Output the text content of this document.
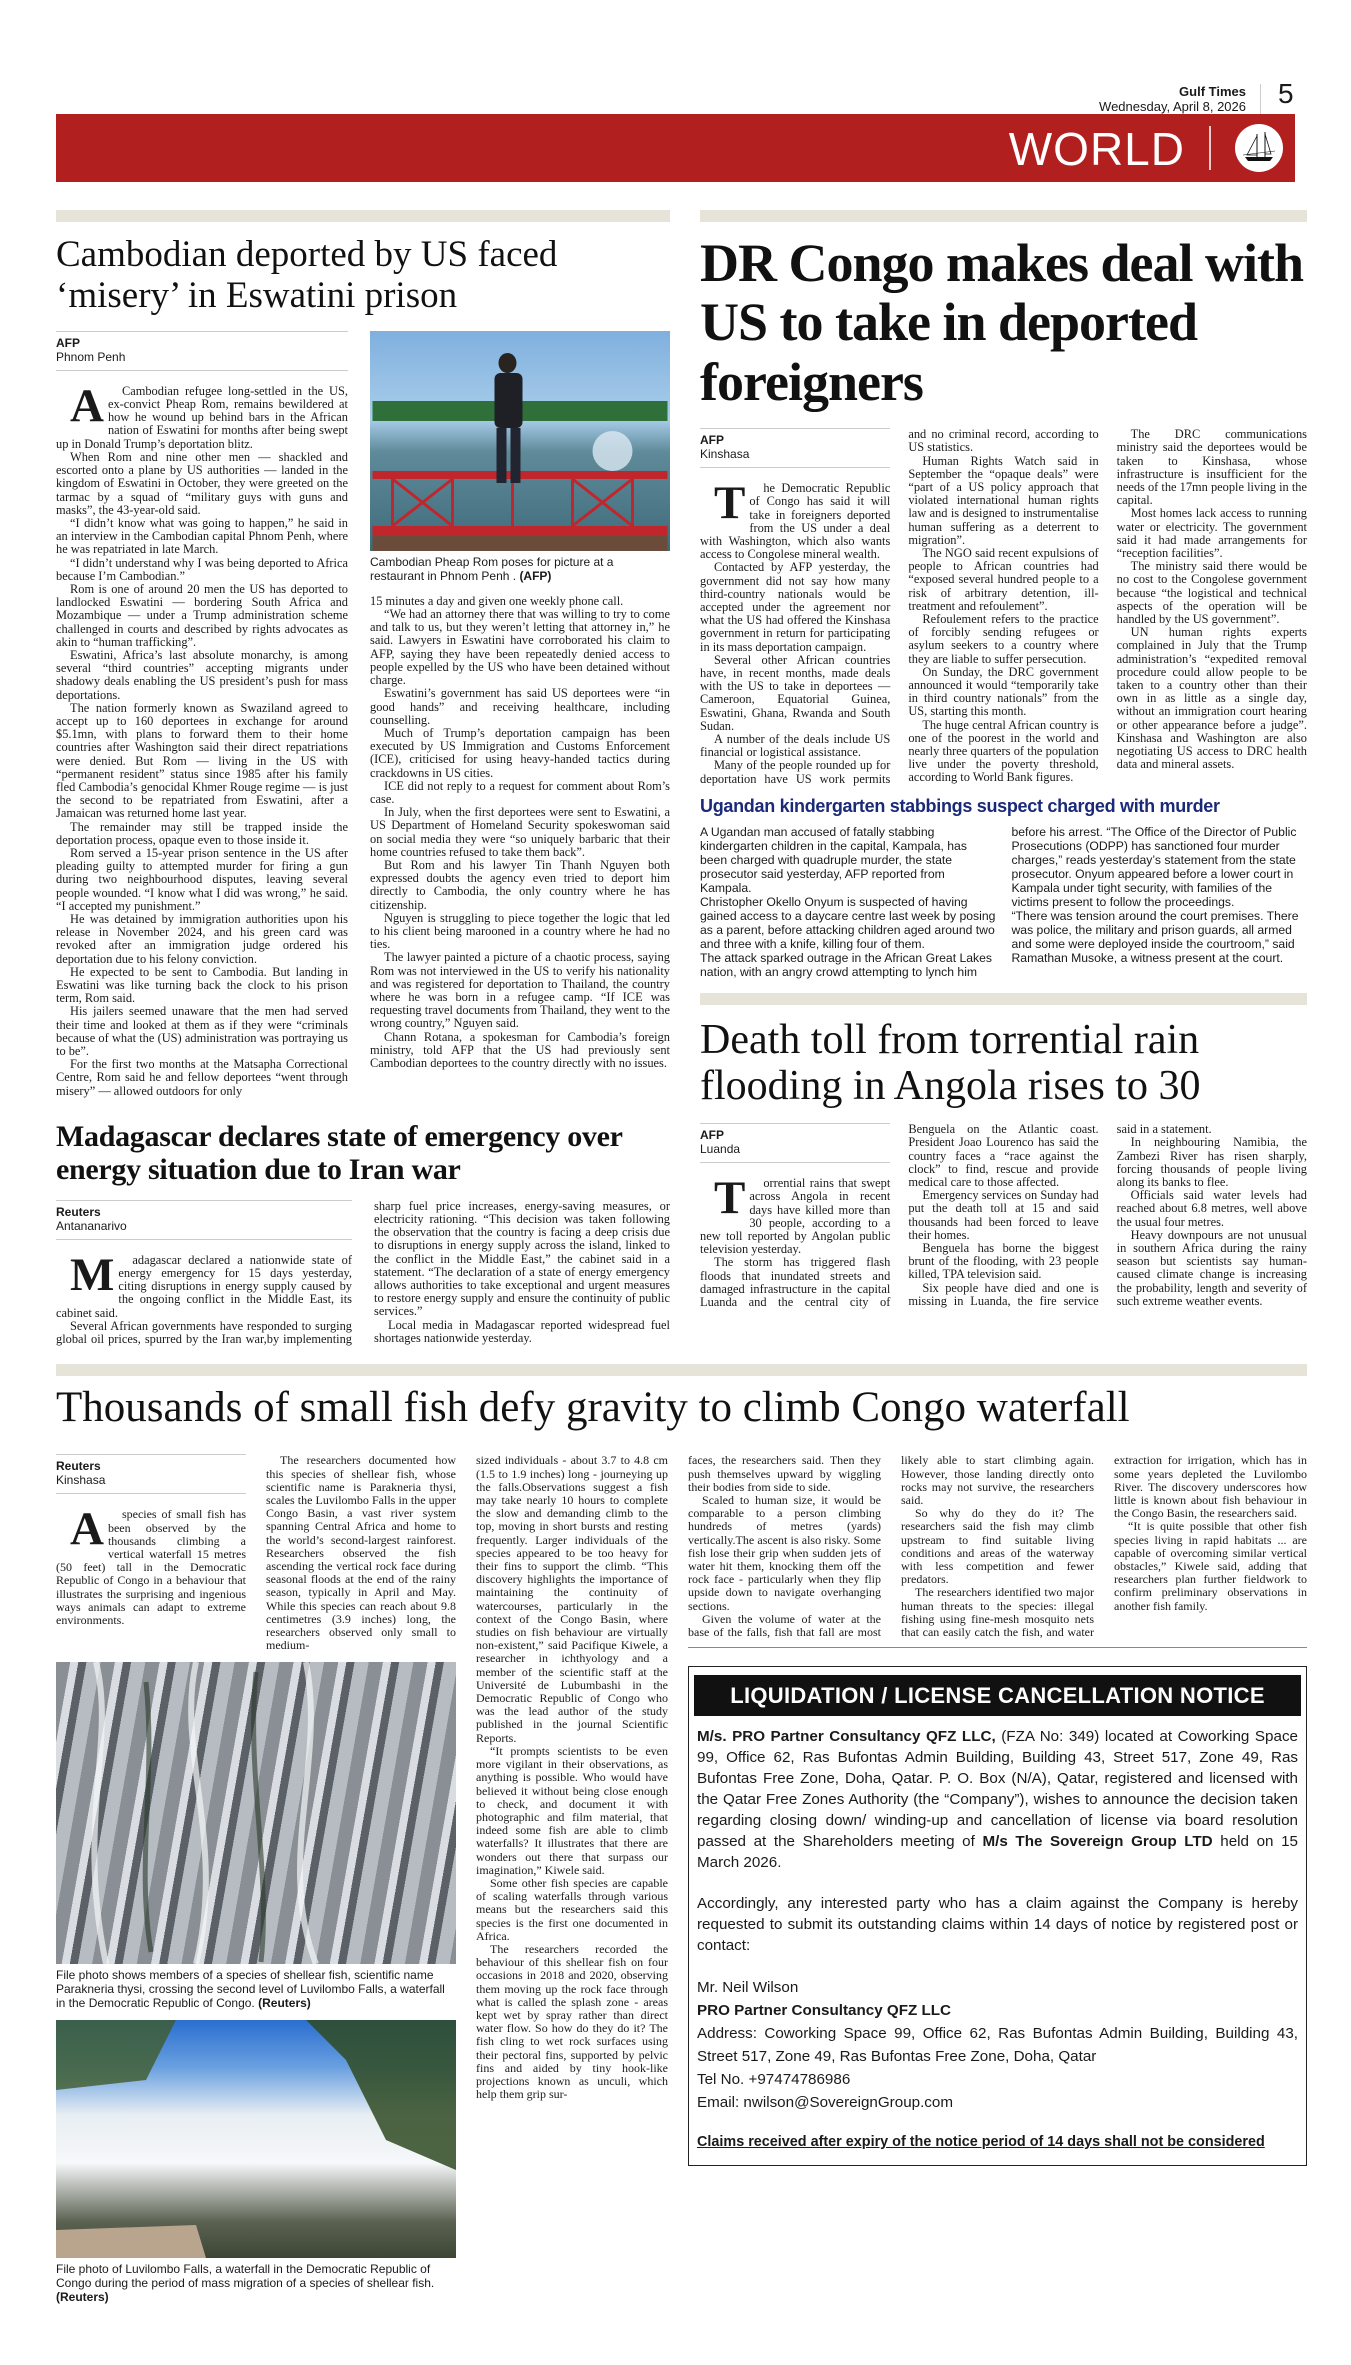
Gulf Times
Wednesday, April 8, 2026	5
WORLD
Cambodian deported by US faced ‘misery’ in Eswatini prison
AFP
Phnom Penh

ACambodian refugee long-settled in the US, ex-convict Pheap Rom, remains bewildered at how he wound up behind bars in the African nation of Eswatini for months after being swept up in Donald Trump’s deportation blitz.

When Rom and nine other men — shackled and escorted onto a plane by US authorities — landed in the kingdom of Eswatini in October, they were greeted on the tarmac by a squad of “military guys with guns and masks”, the 43-year-old said.

“I didn’t know what was going to happen,” he said in an interview in the Cambodian capital Phnom Penh, where he was repatriated in late March.

“I didn’t understand why I was being deported to Africa because I’m Cambodian.”

Rom is one of around 20 men the US has deported to landlocked Eswatini — bordering South Africa and Mozambique — under a Trump administration scheme challenged in courts and described by rights advocates as akin to “human trafficking”.

Eswatini, Africa’s last absolute monarchy, is among several “third countries” accepting migrants under shadowy deals enabling the US president’s push for mass deportations.

The nation formerly known as Swaziland agreed to accept up to 160 deportees in exchange for around $5.1mn, with plans to forward them to their home countries after Washington said their direct repatriations were denied. But Rom — living in the US with “permanent resident” status since 1985 after his family fled Cambodia’s genocidal Khmer Rouge regime — is just the second to be repatriated from Eswatini, after a Jamaican was returned home last year.

The remainder may still be trapped inside the deportation process, opaque even to those inside it.

Rom served a 15-year prison sentence in the US after pleading guilty to attempted murder for firing a gun during two neighbourhood disputes, leaving several people wounded. “I know what I did was wrong,” he said. “I accepted my punishment.”

He was detained by immigration authorities upon his release in November 2024, and his green card was revoked after an immigration judge ordered his deportation due to his felony conviction.

He expected to be sent to Cambodia. But landing in Eswatini was like turning back the clock to his prison term, Rom said.

His jailers seemed unaware that the men had served their time and looked at them as if they were “criminals because of what the (US) administration was portraying us to be”.

For the first two months at the Matsapha Correctional Centre, Rom said he and fellow deportees “went through misery” — allowed outdoors for only

Cambodian Pheap Rom poses for picture at a restaurant in Phnom Penh . (AFP)

15 minutes a day and given one weekly phone call.

“We had an attorney there that was willing to try to come and talk to us, but they weren’t letting that attorney in,” he said. Lawyers in Eswatini have corroborated his claim to AFP, saying they have been repeatedly denied access to people expelled by the US who have been detained without charge.

Eswatini’s government has said US deportees were “in good hands” and receiving healthcare, including counselling.

Much of Trump’s deportation campaign has been executed by US Immigration and Customs Enforcement (ICE), criticised for using heavy-handed tactics during crackdowns in US cities.

ICE did not reply to a request for comment about Rom’s case.

In July, when the first deportees were sent to Eswatini, a US Department of Homeland Security spokeswoman said on social media they were “so uniquely barbaric that their home countries refused to take them back”.

But Rom and his lawyer Tin Thanh Nguyen both expressed doubts the agency even tried to deport him directly to Cambodia, the only country where he has citizenship.

Nguyen is struggling to piece together the logic that led to his client being marooned in a country where he had no ties.

The lawyer painted a picture of a chaotic process, saying Rom was not interviewed in the US to verify his nationality and was registered for deportation to Thailand, the country where he was born in a refugee camp. “If ICE was requesting travel documents from Thailand, they went to the wrong country,” Nguyen said.

Chann Rotana, a spokesman for Cambodia’s foreign ministry, told AFP that the US had previously sent Cambodian deportees to the country directly with no issues.

Madagascar declares state of emergency over energy situation due to Iran war
Reuters
Antananarivo

Madagascar declared a nationwide state of energy emergency for 15 days yesterday, citing disruptions in energy supply caused by the ongoing conflict in the Middle East, its cabinet said.

Several African governments have responded to surging global oil prices, spurred by the Iran war,by implementing sharp fuel price increases, energy-saving measures, or electricity rationing. “This decision was taken following the observation that the country is facing a deep crisis due to disruptions in energy supply across the island, linked to the conflict in the Middle East,” the cabinet said in a statement. “The declaration of a state of energy emergency allows authorities to take exceptional and urgent measures to restore energy supply and ensure the continuity of public services.”

Local media in Madagascar reported widespread fuel shortages nationwide yesterday.

DR Congo makes deal with US to take in deported foreigners
AFP
Kinshasa

The Democratic Republic of Congo has said it will take in foreigners deported from the US under a deal with Washington, which also wants access to Congolese mineral wealth.

Contacted by AFP yesterday, the government did not say how many third-country nationals would be accepted under the agreement nor what the US had offered the Kinshasa government in return for participating in its mass deportation campaign.

Several other African countries have, in recent months, made deals with the US to take in deportees — Cameroon, Equatorial Guinea, Eswatini, Ghana, Rwanda and South Sudan.

A number of the deals include US financial or logistical assistance.

Many of the people rounded up for deportation have US work permits and no criminal record, according to US statistics.

Human Rights Watch said in September the “opaque deals” were “part of a US policy approach that violated international human rights law and is designed to instrumentalise human suffering as a deterrent to migration”.

The NGO said recent expulsions of people to African countries had “exposed several hundred people to a risk of arbitrary detention, ill-treatment and refoulement”.

Refoulement refers to the practice of forcibly sending refugees or asylum seekers to a country where they are liable to suffer persecution.

On Sunday, the DRC government announced it would “temporarily take in third country nationals” from the US, starting this month.

The huge central African country is one of the poorest in the world and nearly three quarters of the population live under the poverty threshold, according to World Bank figures.

The DRC communications ministry said the deportees would be taken to Kinshasa, whose infrastructure is insufficient for the needs of the 17mn people living in the capital.

Most homes lack access to running water or electricity. The government said it had made arrangements for “reception facilities”.

The ministry said there would be no cost to the Congolese government because “the logistical and technical aspects of the operation will be handled by the US government”.

UN human rights experts complained in July that the Trump administration’s “expedited removal procedure could allow people to be taken to a country other than their own in as little as a single day, without an immigration court hearing or other appearance before a judge”. Kinshasa and Washington are also negotiating US access to DRC health data and mineral assets.

Ugandan kindergarten stabbings suspect charged with murder

A Ugandan man accused of fatally stabbing kindergarten children in the capital, Kampala, has been charged with quadruple murder, the state prosecutor said yesterday, AFP reported from Kampala.

Christopher Okello Onyum is suspected of having gained access to a daycare centre last week by posing as a parent, before attacking children aged around two and three with a knife, killing four of them.

The attack sparked outrage in the African Great Lakes nation, with an angry crowd attempting to lynch him before his arrest. “The Office of the Director of Public Prosecutions (ODPP) has sanctioned four murder charges,” reads yesterday’s statement from the state prosecutor. Onyum appeared before a lower court in Kampala under tight security, with families of the victims present to follow the proceedings.

“There was tension around the court premises. There was police, the military and prison guards, all armed and some were deployed inside the courtroom,” said Ramathan Musoke, a witness present at the court.

Death toll from torrential rain flooding in Angola rises to 30
AFP
Luanda

Torrential rains that swept across Angola in recent days have killed more than 30 people, according to a new toll reported by Angolan public television yesterday.

The storm has triggered flash floods that inundated streets and damaged infrastructure in the capital Luanda and the central city of Benguela on the Atlantic coast. President Joao Lourenco has said the country faces a “race against the clock” to find, rescue and provide medical care to those affected.

Emergency services on Sunday had put the death toll at 15 and said thousands had been forced to leave their homes.

Benguela has borne the biggest brunt of the flooding, with 23 people killed, TPA television said.

Six people have died and one is missing in Luanda, the fire service said in a statement.

In neighbouring Namibia, the Zambezi River has risen sharply, forcing thousands of people living along its banks to flee.

Officials said water levels had reached about 6.8 metres, well above the usual four metres.

Heavy downpours are not unusual in southern Africa during the rainy season but scientists say human-caused climate change is increasing the probability, length and severity of such extreme weather events.

Thousands of small fish defy gravity to climb Congo waterfall
Reuters
Kinshasa

Aspecies of small fish has been observed by the thousands climbing a vertical waterfall 15 metres (50 feet) tall in the Democratic Republic of Congo in a behaviour that illustrates the surprising and ingenious ways animals can adapt to extreme environments.

The researchers documented how this species of shellear fish, whose scientific name is Parakneria thysi, scales the Luvilombo Falls in the upper Congo Basin, a vast river system spanning Central Africa and home to the world’s second-largest rainforest. Researchers observed the fish ascending the vertical rock face during seasonal floods at the end of the rainy season, typically in April and May. While this species can reach about 9.8 centimetres (3.9 inches) long, the researchers observed only small to medium-

File photo shows members of a species of shellear fish, scientific name Parakneria thysi, crossing the second level of Luvilombo Falls, a waterfall in the Democratic Republic of Congo. (Reuters)
File photo of Luvilombo Falls, a waterfall in the Democratic Republic of Congo during the period of mass migration of a species of shellear fish. (Reuters)

sized individuals - about 3.7 to 4.8 cm (1.5 to 1.9 inches) long - journeying up the falls.Observations suggest a fish may take nearly 10 hours to complete the slow and demanding climb to the top, moving in short bursts and resting frequently. Larger individuals of the species appeared to be too heavy for their fins to support the climb. “This discovery highlights the importance of maintaining the continuity of watercourses, particularly in the context of the Congo Basin, where studies on fish behaviour are virtually non-existent,” said Pacifique Kiwele, a researcher in ichthyology and a member of the scientific staff at the Université de Lubumbashi in the Democratic Republic of Congo who was the lead author of the study published in the journal Scientific Reports.

“It prompts scientists to be even more vigilant in their observations, as anything is possible. Who would have believed it without being close enough to check, and document it with photographic and film material, that indeed some fish are able to climb waterfalls? It illustrates that there are wonders out there that surpass our imagination,” Kiwele said.

Some other fish species are capable of scaling waterfalls through various means but the researchers said this species is the first one documented in Africa.

The researchers recorded the behaviour of this shellear fish on four occasions in 2018 and 2020, observing them moving up the rock face through what is called the splash zone - areas kept wet by spray rather than direct water flow. So how do they do it? The fish cling to wet rock surfaces using their pectoral fins, supported by pelvic fins and aided by tiny hook-like projections known as unculi, which help them grip sur-

faces, the researchers said. Then they push themselves upward by wiggling their bodies from side to side.

Scaled to human size, it would be comparable to a person climbing hundreds of metres (yards) vertically.The ascent is also risky. Some fish lose their grip when sudden jets of water hit them, knocking them off the rock face - particularly when they flip upside down to navigate overhanging sections.

Given the volume of water at the base of the falls, fish that fall are most likely able to start climbing again. However, those landing directly onto rocks may not survive, the researchers said.

So why do they do it? The researchers said the fish may climb upstream to find suitable living conditions and areas of the waterway with less competition and fewer predators.

The researchers identified two major human threats to the species: illegal fishing using fine-mesh mosquito nets that can easily catch the fish, and water extraction for irrigation, which has in some years depleted the Luvilombo River. The discovery underscores how little is known about fish behaviour in the Congo Basin, the researchers said.

“It is quite possible that other fish species living in rapid habitats ... are capable of overcoming similar vertical obstacles,” Kiwele said, adding that researchers plan further fieldwork to confirm preliminary observations in another fish family.

LIQUIDATION / LICENSE CANCELLATION NOTICE

M/s. PRO Partner Consultancy QFZ LLC, (FZA No: 349) located at Coworking Space 99, Office 62, Ras Bufontas Admin Building, Building 43, Street 517, Zone 49, Ras Bufontas Free Zone, Doha, Qatar. P. O. Box (N/A), Qatar, registered and licensed with the Qatar Free Zones Authority (the “Company”), wishes to announce the decision taken regarding closing down/ winding-up and cancellation of license via board resolution passed at the Shareholders meeting of M/s The Sovereign Group LTD held on 15 March 2026.

Accordingly, any interested party who has a claim against the Company is hereby requested to submit its outstanding claims within 14 days of notice by registered post or contact:

Mr. Neil Wilson
PRO Partner Consultancy QFZ LLC
Address: Coworking Space 99, Office 62, Ras Bufontas Admin Building, Building 43, Street 517, Zone 49, Ras Bufontas Free Zone, Doha, Qatar
Tel No. +97474786986
Email: nwilson@SovereignGroup.com
Claims received after expiry of the notice period of 14 days shall not be considered
